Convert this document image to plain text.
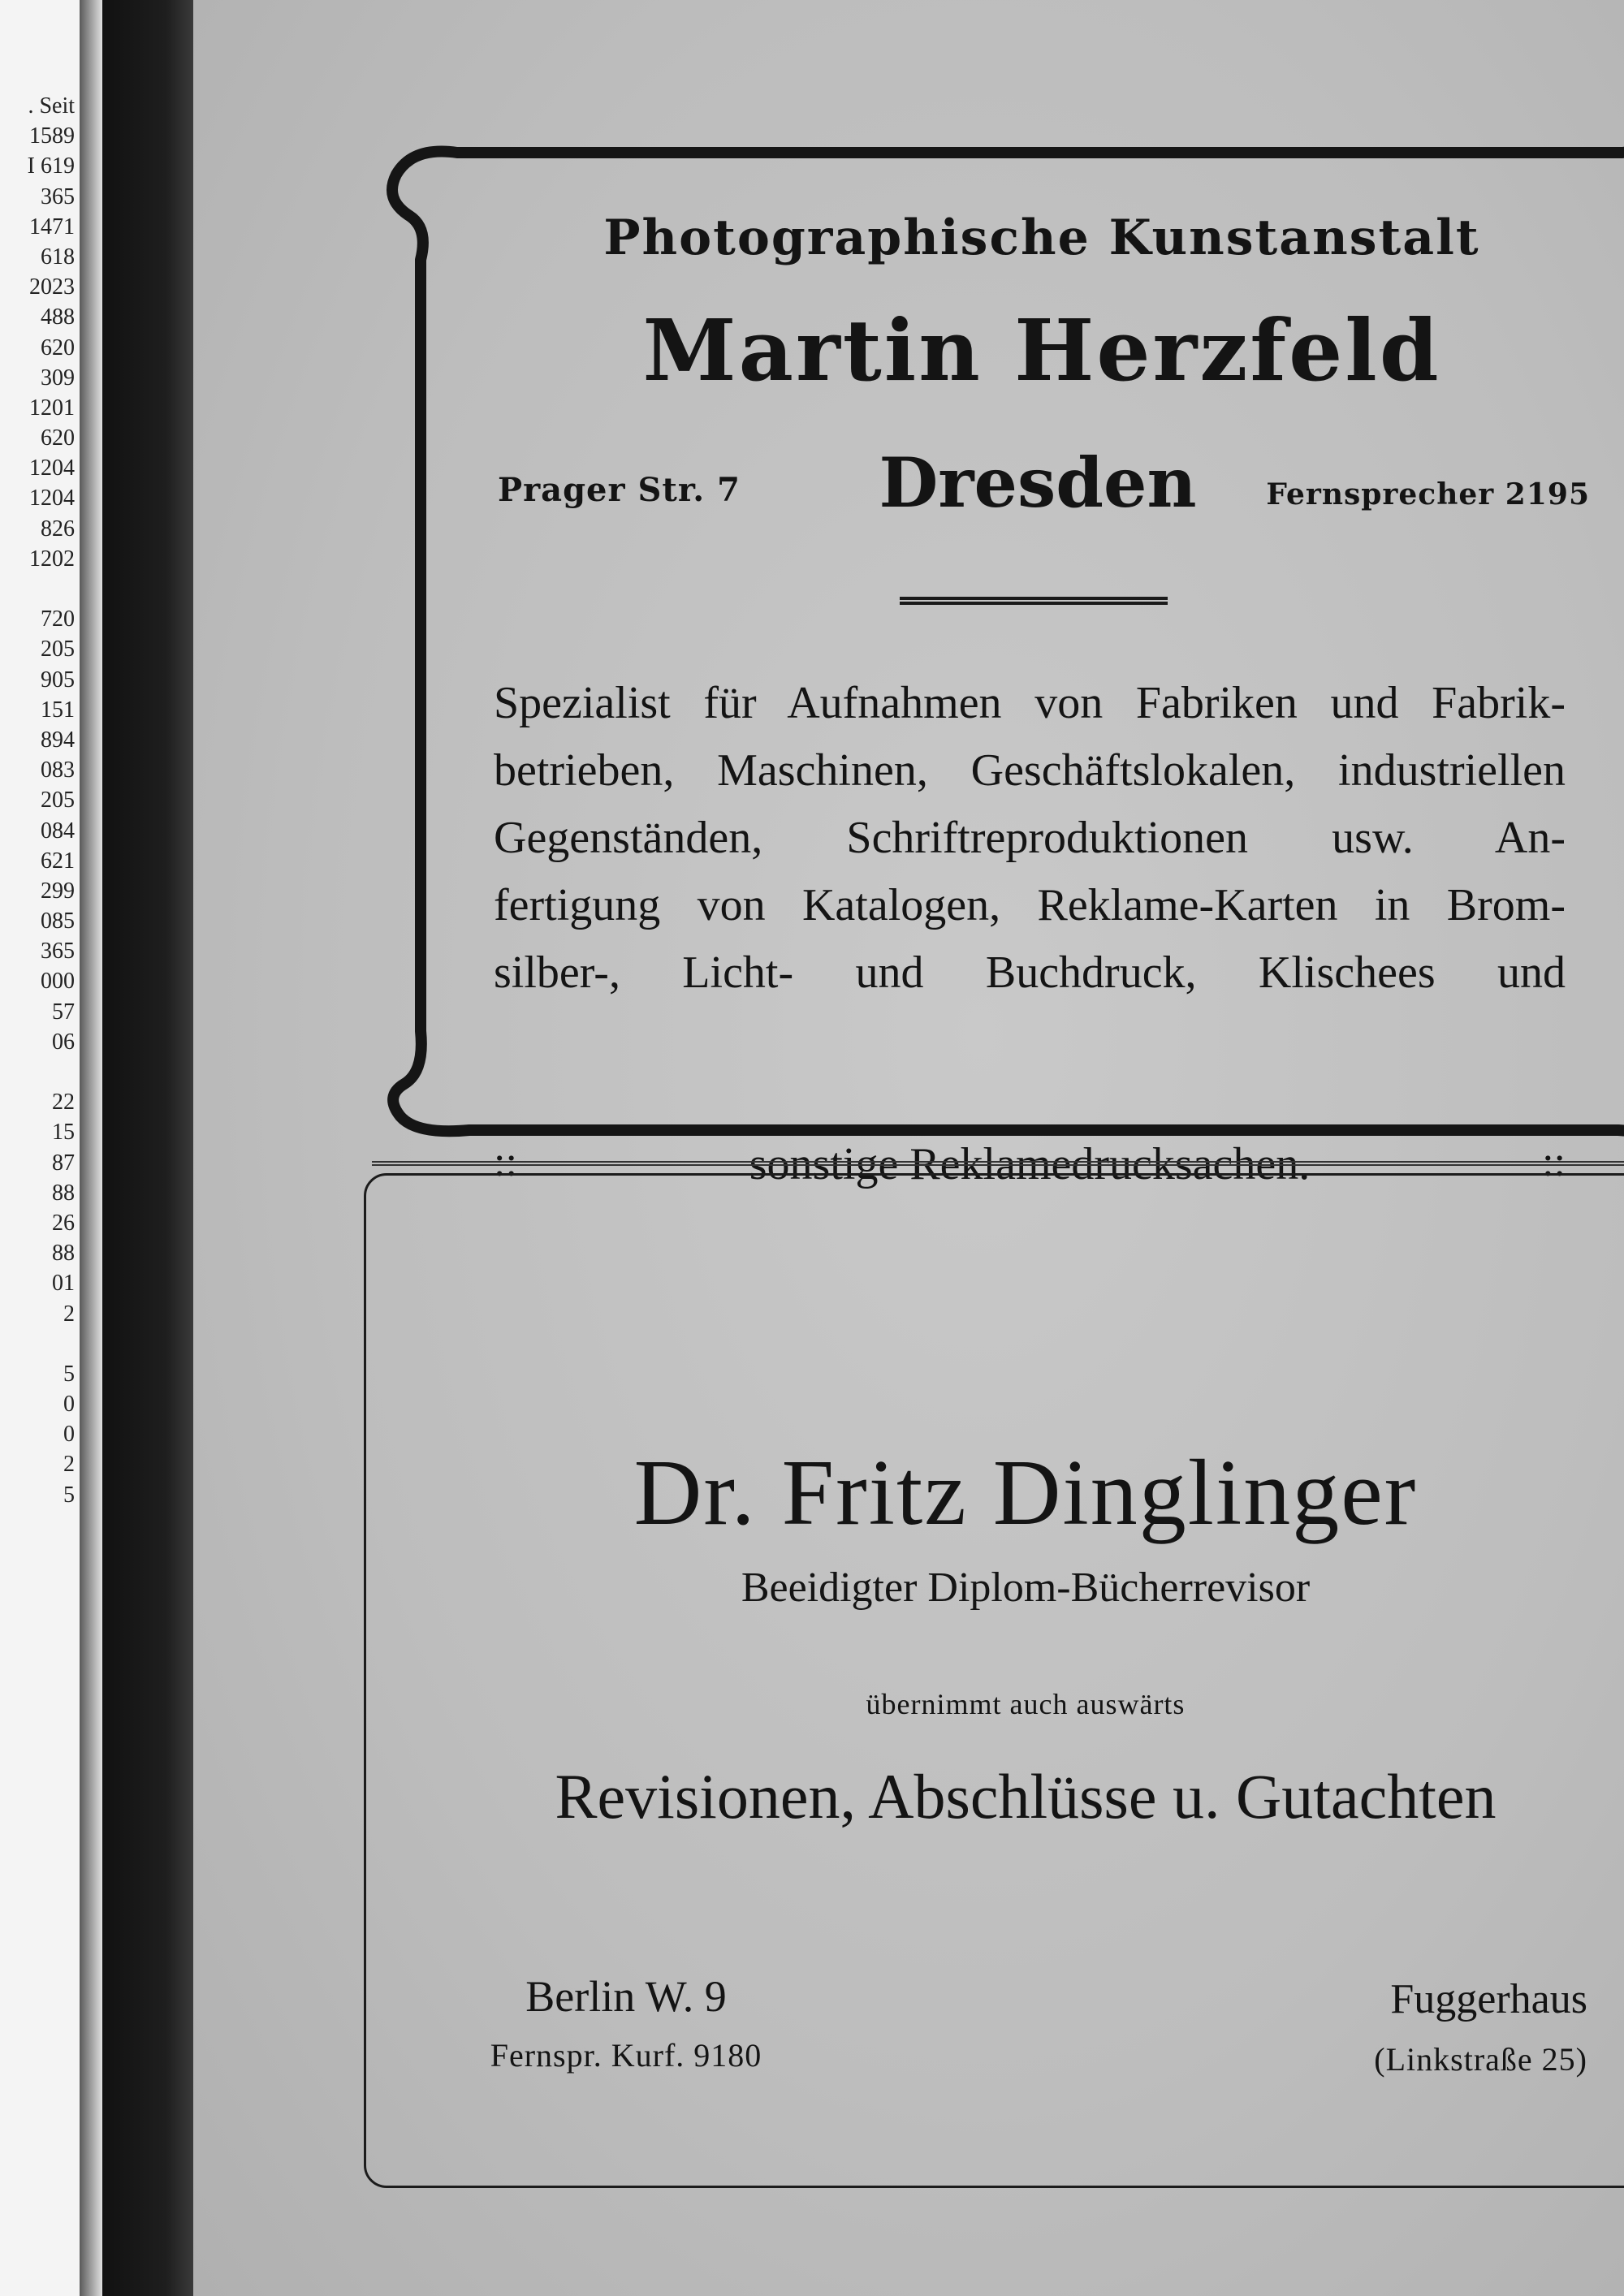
. Seit
1589
I 619
365
1471
618
2023
488
620
309
1201
620
1204
1204
826
1202
720
205
905
151
894
083
205
084
621
299
085
365
000
57
06
22
15
87
88
26
88
01
2
5
0
0
2
5
Photographische Kunstanstalt
Martin Herzfeld
Prager Str. 7 Dresden	Fernsprecher 2195
Spezialist für Aufnahmen von Fabriken und Fabrik-
betrieben, Maschinen, Geschäftslokalen, industriellen
Gegenständen, Schriftreproduktionen usw. An-
fertigung von Katalogen, Reklame-Karten in Brom-
silber-, Licht- und Buchdruck, Klischees und
::	sonstige Reklamedrucksachen.	::
Dr. Fritz Dinglinger
Beeidigter Diplom-Bücherrevisor
übernimmt auch auswärts
Revisionen, Abschlüsse u. Gutachten
Berlin W. 9
Fernspr. Kurf. 9180
Fuggerhaus
(Linkstraße 25)
